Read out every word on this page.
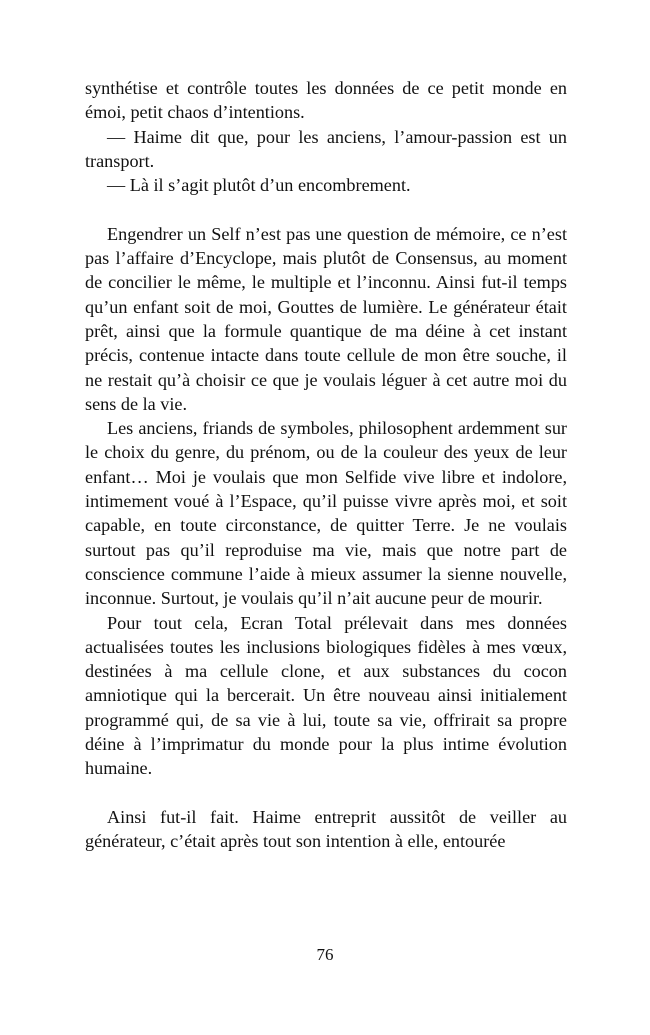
synthétise et contrôle toutes les données de ce petit monde en émoi, petit chaos d’intentions.

— Haime dit que, pour les anciens, l’amour-passion est un transport.

— Là il s’agit plutôt d’un encombrement.

Engendrer un Self n’est pas une question de mémoire, ce n’est pas l’affaire d’Encyclope, mais plutôt de Consensus, au moment de concilier le même, le multiple et l’inconnu. Ainsi fut-il temps qu’un enfant soit de moi, Gouttes de lumière. Le générateur était prêt, ainsi que la formule quantique de ma déine à cet instant précis, contenue intacte dans toute cellule de mon être souche, il ne restait qu’à choisir ce que je voulais léguer à cet autre moi du sens de la vie.

Les anciens, friands de symboles, philosophent ardemment sur le choix du genre, du prénom, ou de la couleur des yeux de leur enfant… Moi je voulais que mon Selfide vive libre et indolore, intimement voué à l’Espace, qu’il puisse vivre après moi, et soit capable, en toute circonstance, de quitter Terre. Je ne voulais surtout pas qu’il reproduise ma vie, mais que notre part de conscience commune l’aide à mieux assumer la sienne nouvelle, inconnue. Surtout, je voulais qu’il n’ait aucune peur de mourir.

Pour tout cela, Ecran Total prélevait dans mes données actualisées toutes les inclusions biologiques fidèles à mes vœux, destinées à ma cellule clone, et aux substances du cocon amniotique qui la bercerait. Un être nouveau ainsi initialement programmé qui, de sa vie à lui, toute sa vie, offrirait sa propre déine à l’imprimatur du monde pour la plus intime évolution humaine.

Ainsi fut-il fait. Haime entreprit aussitôt de veiller au générateur, c’était après tout son intention à elle, entourée

76
